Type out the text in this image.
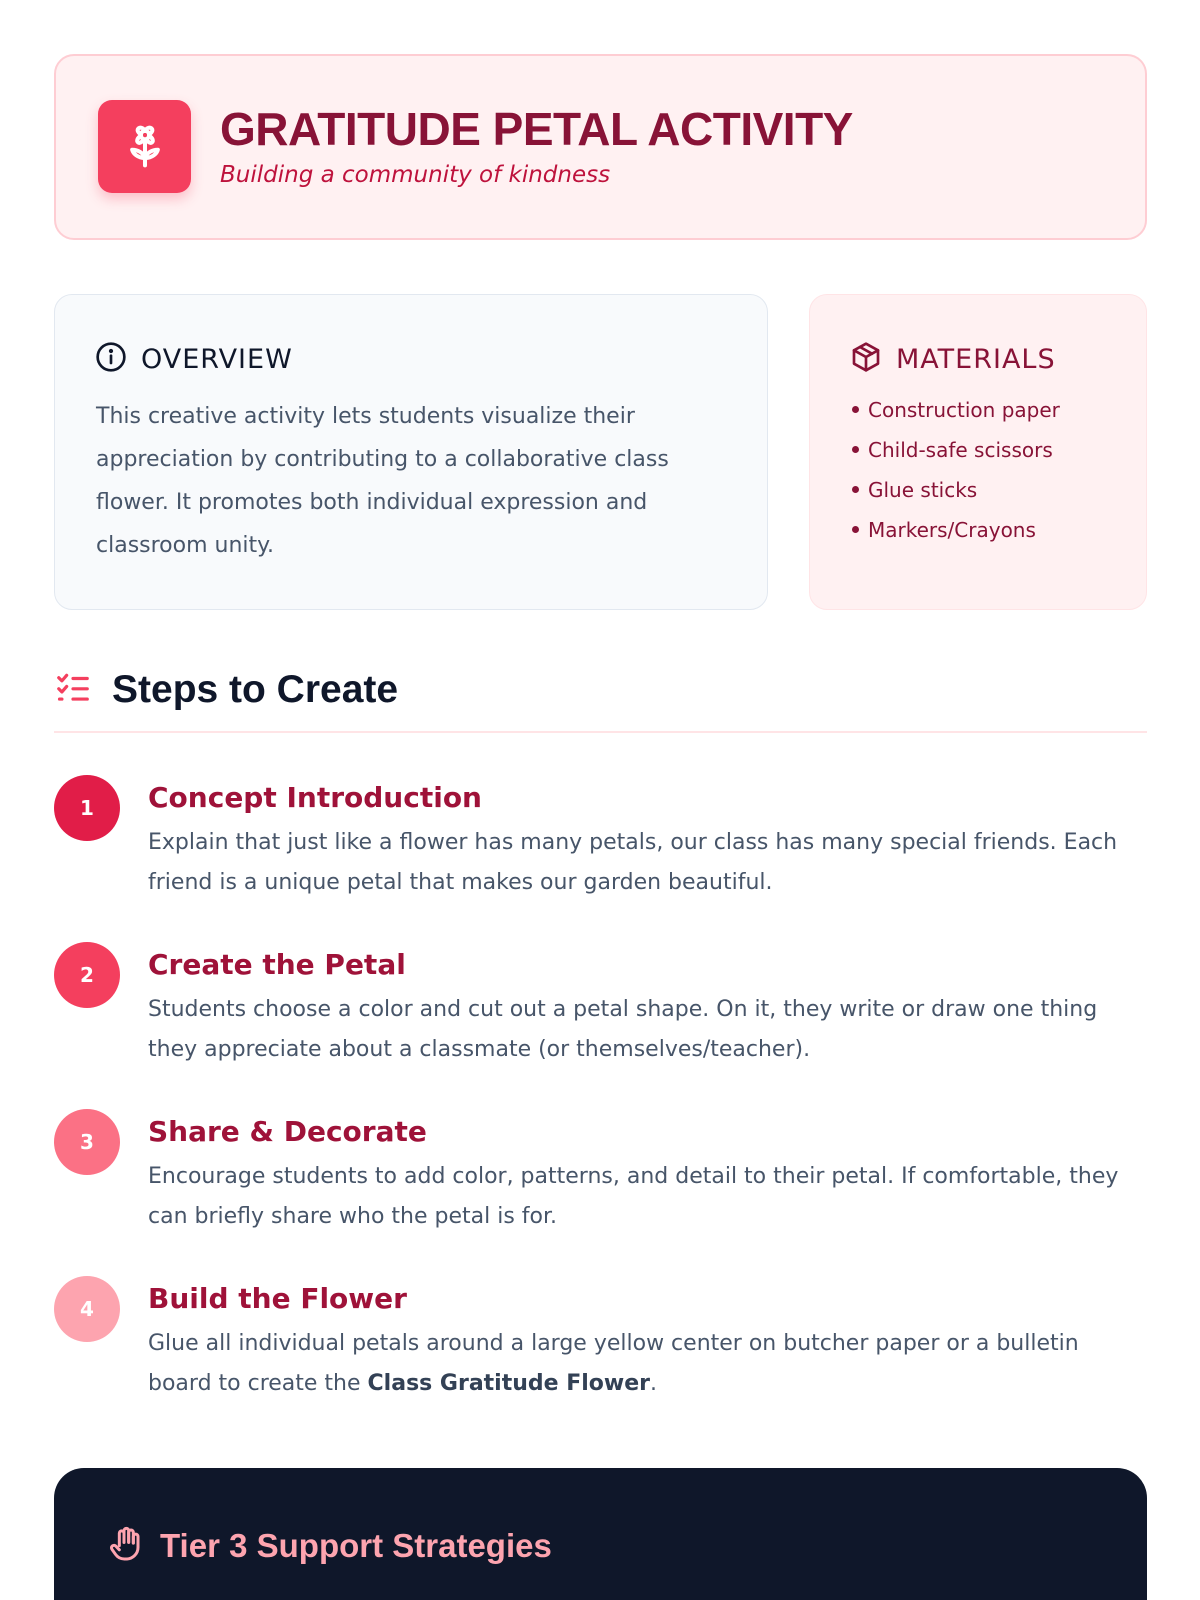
GRATITUDE PETAL ACTIVITY
Building a community of kindness
OVERVIEW
This creative activity lets students visualize their appreciation by contributing to a collaborative class flower. It promotes both individual expression and classroom unity.
MATERIALS
Construction paper
Child-safe scissors
Glue sticks
Markers/Crayons
Steps to Create
1	Concept Introduction
Explain that just like a flower has many petals, our class has many special friends. Each friend is a unique petal that makes our garden beautiful.
2	Create the Petal
Students choose a color and cut out a petal shape. On it, they write or draw one thing they appreciate about a classmate (or themselves/teacher).
3	Share & Decorate
Encourage students to add color, patterns, and detail to their petal. If comfortable, they can briefly share who the petal is for.
4	Build the Flower
Glue all individual petals around a large yellow center on butcher paper or a bulletin board to create the Class Gratitude Flower.
Tier 3 Support Strategies
